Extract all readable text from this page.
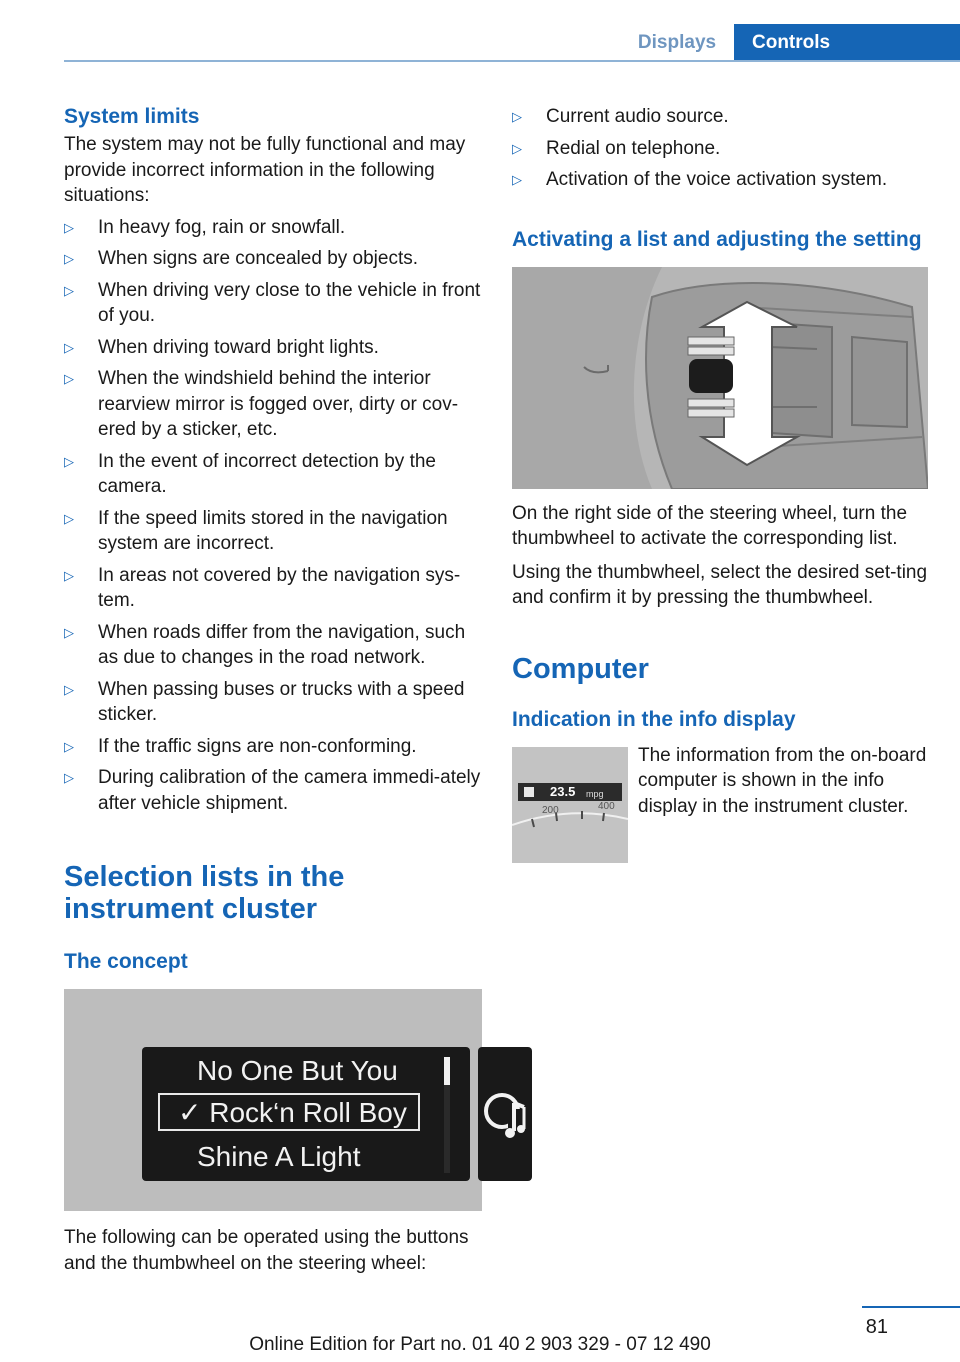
Displays	Controls
System limits

The system may not be fully functional and may provide incorrect information in the following situations:

▷ In heavy fog, rain or snowfall.
▷ When signs are concealed by objects.
▷ When driving very close to the vehicle in front of you.
▷ When driving toward bright lights.
▷ When the windshield behind the interior rearview mirror is fogged over, dirty or cov-ered by a sticker, etc.
▷ In the event of incorrect detection by the camera.
▷ If the speed limits stored in the navigation system are incorrect.
▷ In areas not covered by the navigation sys-tem.
▷ When roads differ from the navigation, such as due to changes in the road network.
▷ When passing buses or trucks with a speed sticker.
▷ If the traffic signs are non-conforming.
▷ During calibration of the camera immedi-ately after vehicle shipment.
Selection lists in the instrument cluster
The concept
No One But You
✓ Rock‘n Roll Boy
Shine A Light

The following can be operated using the buttons and the thumbwheel on the steering wheel:

▷ Current audio source.
▷ Redial on telephone.
▷ Activation of the voice activation system.
Activating a list and adjusting the setting

On the right side of the steering wheel, turn the thumbwheel to activate the corresponding list.

Using the thumbwheel, select the desired set-ting and confirm it by pressing the thumbwheel.

Computer
Indication in the info display
23.5 mpg
200	400

The information from the on-board computer is shown in the info display in the instrument cluster.

81
Online Edition for Part no. 01 40 2 903 329 - 07 12 490
